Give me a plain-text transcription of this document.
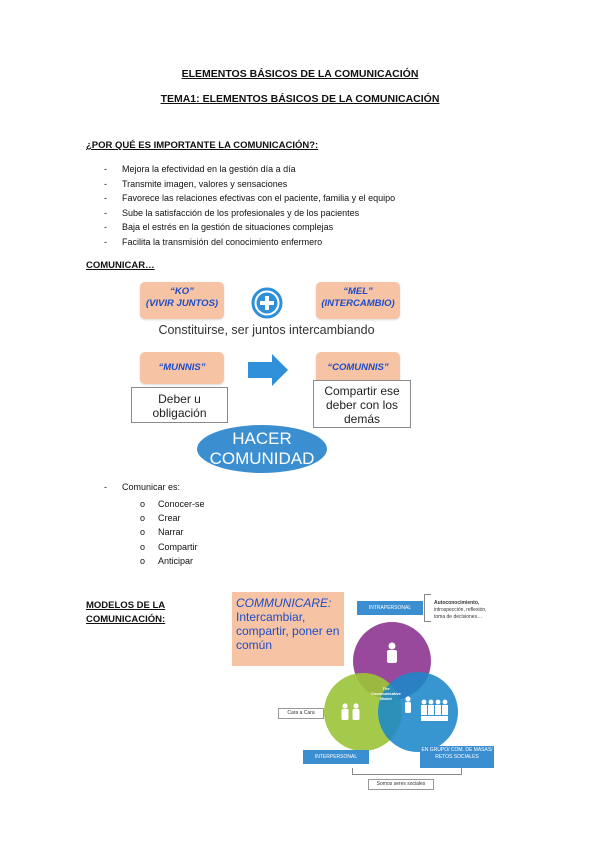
ELEMENTOS BÁSICOS DE LA COMUNICACIÓN
TEMA1: ELEMENTOS BÁSICOS DE LA COMUNICACIÓN
¿POR QUÉ ES IMPORTANTE LA COMUNICACIÓN?:
- Mejora la efectividad en la gestión día a día
- Transmite imagen, valores y sensaciones
- Favorece las relaciones efectivas con el paciente, familia y el equipo
- Sube la satisfacción de los profesionales y de los pacientes
- Baja el estrés en la gestión de situaciones complejas
- Facilita la transmisión del conocimiento enfermero
COMUNICAR…
“KO”
(VIVIR JUNTOS)
“MEL”
(INTERCAMBIO)
Constituirse, ser juntos intercambiando
“MUNNIS”	“COMUNNIS”
Deber u obligación
Compartir ese deber con los demás
HACER
COMUNIDAD
- Comunicar es:
o Conocer-se
o Crear
o Narrar
o Compartir
o Anticipar
MODELOS DE LA
COMUNICACIÓN:
COMMUNICARE:
Intercambiar, compartir, poner en común
INTRAPERSONAL
Autoconocimiento,
introspección, reflexión,
toma de decisiones…
The Communicative Model
Cara a Cara
INTERPERSONAL
EN GRUPO/ COM. DE MASAS/ RETOS SOCIALES
Somos seres sociales
